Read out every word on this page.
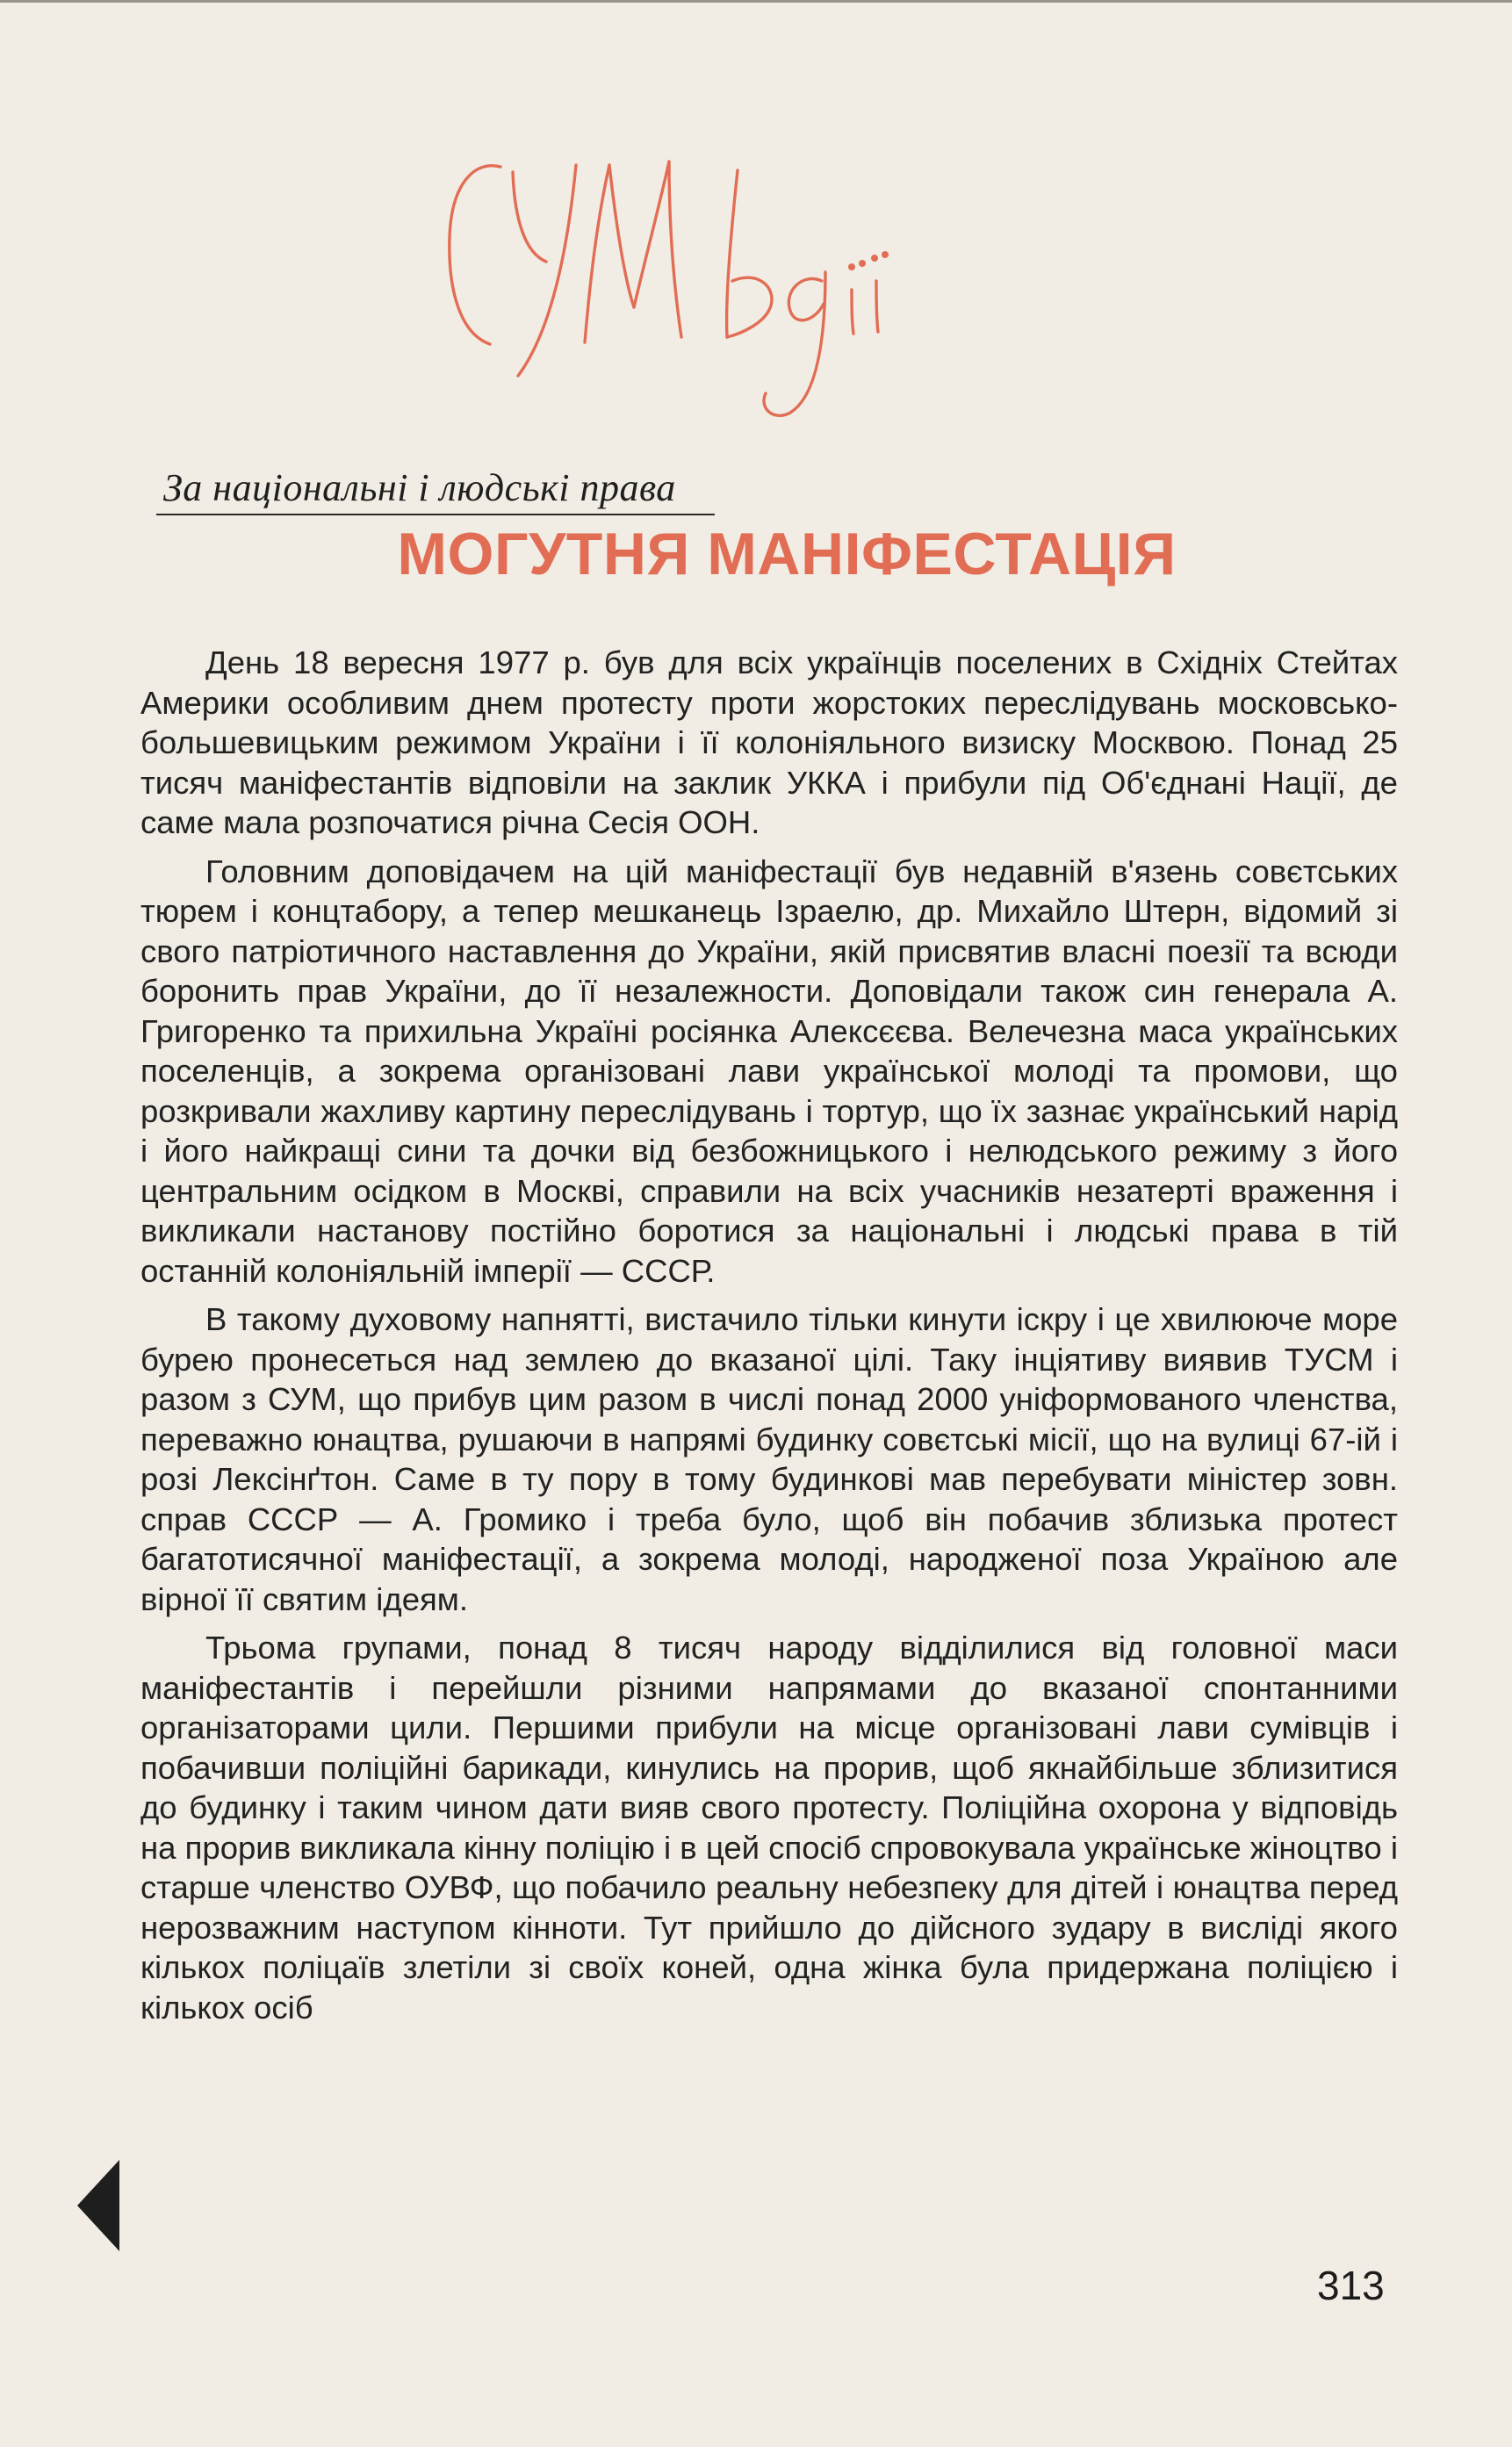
За національні і людські права
МОГУТНЯ МАНІФЕСТАЦІЯ

День 18 вересня 1977 р. був для всіх українців поселених в Східніх Стейтах Америки особливим днем протесту проти жорстоких переслідувань московсько-большевицьким режимом України і її колоніяльного визиску Москвою. Понад 25 тисяч маніфестантів відповіли на заклик УККА і прибули під Об'єднані Нації, де саме мала розпочатися річна Сесія ООН.

Головним доповідачем на цій маніфестації був недавній в'язень совєтських тюрем і концтабору, а тепер мешканець Ізраелю, др. Михайло Штерн, відомий зі свого патріотичного наставлення до України, якій присвятив власні поезії та всюди боронить прав України, до її незалежности. Доповідали також син генерала А. Григоренко та прихильна Україні росіянка Алексєєва. Велечезна маса українських поселенців, а зокрема організовані лави української молоді та промови, що розкривали жахливу картину переслідувань і тортур, що їх зазнає український нарід і його найкращі сини та дочки від безбожницького і нелюдського режиму з його центральним осідком в Москві, справили на всіх учасників незатерті враження і викликали настанову постійно боротися за національні і людські права в тій останній колоніяльній імперії — СССР.

В такому духовому напнятті, вистачило тільки кинути іскру і це хвилююче море бурею пронесеться над землею до вказаної цілі. Таку інціятиву виявив ТУСМ і разом з СУМ, що прибув цим разом в числі понад 2000 уніформованого членства, переважно юнацтва, рушаючи в напрямі будинку совєтські місії, що на вулиці 67-ій і розі Лексінґтон. Саме в ту пору в тому будинкові мав перебувати міністер зовн. справ СССР — А. Громико і треба було, щоб він побачив зблизька протест багатотисячної маніфестації, а зокрема молоді, народженої поза Україною але вірної її святим ідеям.

Трьома групами, понад 8 тисяч народу відділилися від головної маси маніфестантів і перейшли різними напрямами до вказаної спонтанними організаторами цили. Першими прибули на місце організовані лави сумівців і побачивши поліційні барикади, кинулись на прорив, щоб якнайбільше зблизитися до будинку і таким чином дати вияв свого протесту. Поліційна охорона у відповідь на прорив викликала кінну поліцію і в цей спосіб спровокувала українське жіноцтво і старше членство ОУВФ, що побачило реальну небезпеку для дітей і юнацтва перед нерозважним наступом кінноти. Тут прийшло до дійсного зудару в висліді якого кількох поліцаїв злетіли зі своїх коней, одна жінка була придержана поліцією і кількох осіб

313
